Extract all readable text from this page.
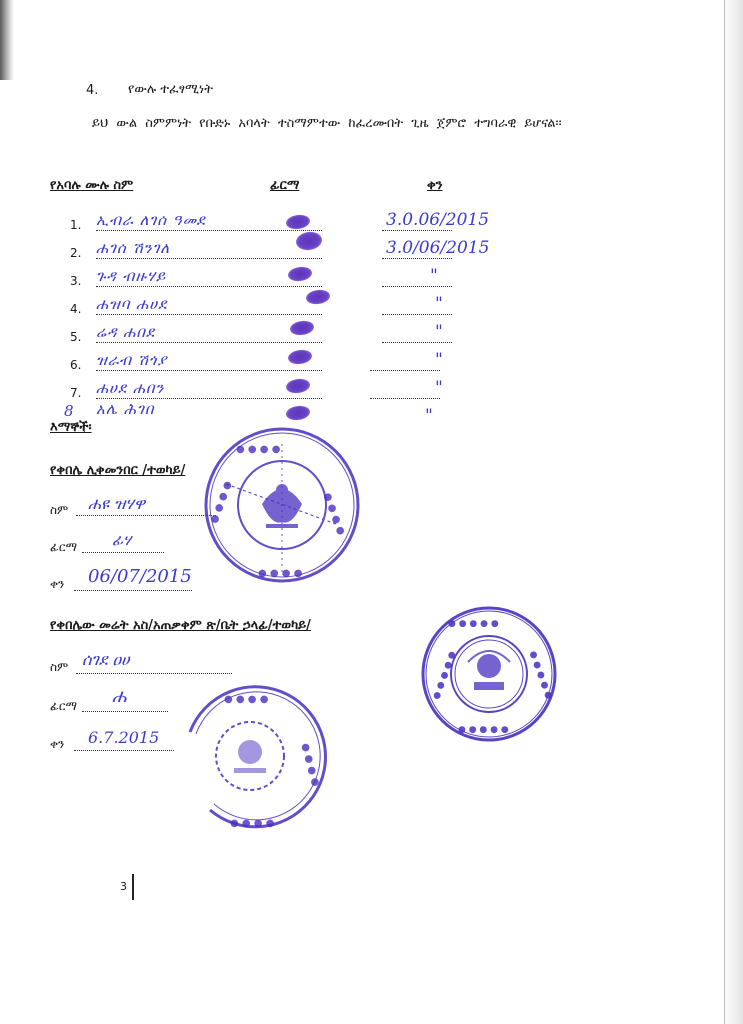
4. የውሉ ተፈፃሚነት
ይህ ውል ስምምነት የቡድኑ አባላት ተስማምተው ከፈረሙበት ጊዜ ጀምሮ ተግባራዊ ይሆናል፡፡
የአባሉ ሙሉ ስም	ፊርማ	ቀን
1. ኢብራ ለገሰ ዓመደ	3.0.06/2015
2. ሐገሰ ሽንገለ	3.0/06/2015
3. ጉዳ ብዙሃይ	"
4. ሐዝባ ሐሀደ	"
5. ሬዳ ሐበደ	"
6. ዝራብ ሽጎያ	"
7. ሐሀደ ሐበን	"
8 አሌ ሕገበ	"
እማኞች፡
የቀበሌ ሊቀመንበር /ተወካይ/
ስም ሐዩ ዝሃዋ
ፊርማ ፊሃ
ቀን 06/07/2015
የቀበሌው መሬት አስ/አጠቃቀም ጽ/ቤት ኃላፊ/ተወካይ/
ስም ሰገደ ዐሀ
ፊርማ ሐ
ቀን 6.7.2015
● ● ● ●
● ● ● ●
● ● ● ●
● ● ● ●
● ● ● ● ●
● ● ● ● ●
● ● ● ● ●
● ● ● ● ●
● ● ● ●
● ● ● ●
● ● ● ●
3
